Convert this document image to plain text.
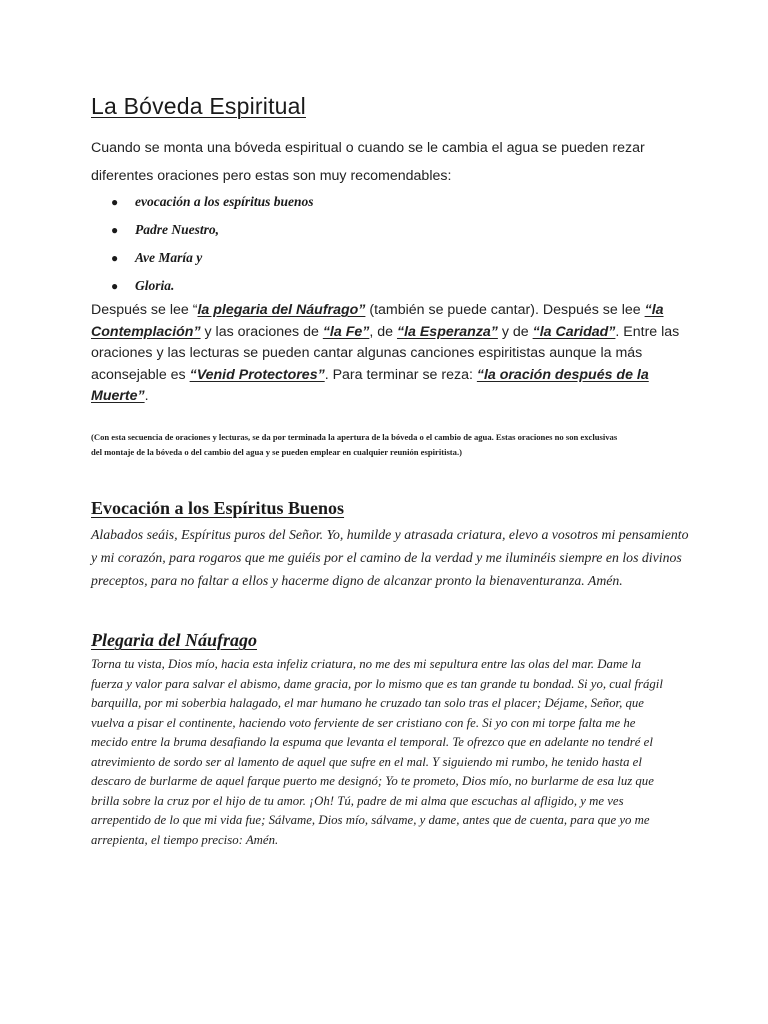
La Bóveda Espiritual

Cuando se monta una bóveda espiritual o cuando se le cambia el agua se pueden rezar diferentes oraciones pero estas son muy recomendables:

● evocación a los espíritus buenos
● Padre Nuestro,
● Ave María y
● Gloria.

Después se lee “la plegaria del Náufrago” (también se puede cantar). Después se lee “la Contemplación” y las oraciones de “la Fe”, de “la Esperanza” y de “la Caridad”. Entre las oraciones y las lecturas se pueden cantar algunas canciones espiritistas aunque la más aconsejable es “Venid Protectores”. Para terminar se reza: “la oración después de la Muerte”.

(Con esta secuencia de oraciones y lecturas, se da por terminada la apertura de la bóveda o el cambio de agua. Estas oraciones no son exclusivas del montaje de la bóveda o del cambio del agua y se pueden emplear en cualquier reunión espiritista.)

Evocación a los Espíritus Buenos

Alabados seáis, Espíritus puros del Señor. Yo, humilde y atrasada criatura, elevo a vosotros mi pensamiento y mi corazón, para rogaros que me guiéis por el camino de la verdad y me iluminéis siempre en los divinos preceptos, para no faltar a ellos y hacerme digno de alcanzar pronto la bienaventuranza. Amén.

Plegaria del Náufrago

Torna tu vista, Dios mío, hacia esta infeliz criatura, no me des mi sepultura entre las olas del mar. Dame la fuerza y valor para salvar el abismo, dame gracia, por lo mismo que es tan grande tu bondad. Si yo, cual frágil barquilla, por mi soberbia halagado, el mar humano he cruzado tan solo tras el placer; Déjame, Señor, que vuelva a pisar el continente, haciendo voto ferviente de ser cristiano con fe. Si yo con mi torpe falta me he mecido entre la bruma desafiando la espuma que levanta el temporal. Te ofrezco que en adelante no tendré el atrevimiento de sordo ser al lamento de aquel que sufre en el mal. Y siguiendo mi rumbo, he tenido hasta el descaro de burlarme de aquel farque puerto me designó; Yo te prometo, Dios mío, no burlarme de esa luz que brilla sobre la cruz por el hijo de tu amor. ¡Oh! Tú, padre de mi alma que escuchas al afligido, y me ves arrepentido de lo que mi vida fue; Sálvame, Dios mío, sálvame, y dame, antes que de cuenta, para que yo me arrepienta, el tiempo preciso: Amén.
